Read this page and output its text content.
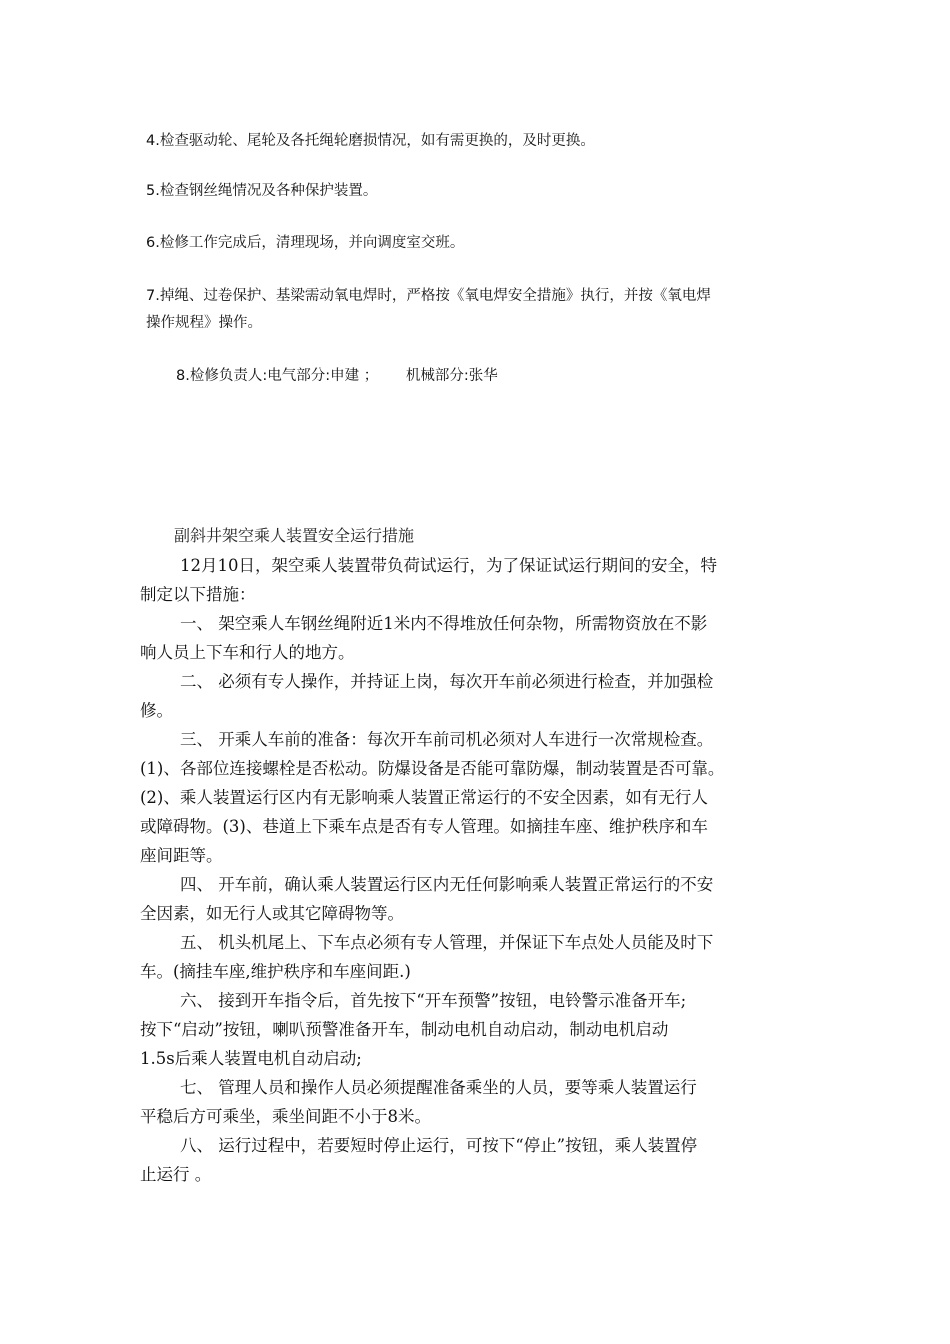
4.检查驱动轮、尾轮及各托绳轮磨损情况，如有需更换的，及时更换。

5.检查钢丝绳情况及各种保护装置。

6.检修工作完成后，清理现场，并向调度室交班。

7.掉绳、过卷保护、基梁需动氧电焊时，严格按《氧电焊安全措施》执行，并按《氧电焊

操作规程》操作。

8.检修负责人:电气部分:申建 ；      机械部分:张华

副斜井架空乘人装置安全运行措施

12月10日，架空乘人装置带负荷试运行，为了保证试运行期间的安全，特

制定以下措施：

一、 架空乘人车钢丝绳附近1米内不得堆放任何杂物，所需物资放在不影

响人员上下车和行人的地方。

二、 必须有专人操作，并持证上岗，每次开车前必须进行检查，并加强检

修。

三、 开乘人车前的准备：每次开车前司机必须对人车进行一次常规检查。

(1)、各部位连接螺栓是否松动。防爆设备是否能可靠防爆，制动装置是否可靠。

(2)、乘人装置运行区内有无影响乘人装置正常运行的不安全因素，如有无行人

或障碍物。(3)、巷道上下乘车点是否有专人管理。如摘挂车座、维护秩序和车

座间距等。

四、 开车前，确认乘人装置运行区内无任何影响乘人装置正常运行的不安

全因素，如无行人或其它障碍物等。

五、 机头机尾上、下车点必须有专人管理，并保证下车点处人员能及时下

车。(摘挂车座,维护秩序和车座间距.)

六、 接到开车指令后，首先按下“开车预警”按钮，电铃警示准备开车;

按下“启动”按钮，喇叭预警准备开车，制动电机自动启动，制动电机启动

1.5s后乘人装置电机自动启动;

七、 管理人员和操作人员必须提醒准备乘坐的人员，要等乘人装置运行

平稳后方可乘坐，乘坐间距不小于8米。

八、 运行过程中，若要短时停止运行，可按下“停止”按钮，乘人装置停

止运行 。
